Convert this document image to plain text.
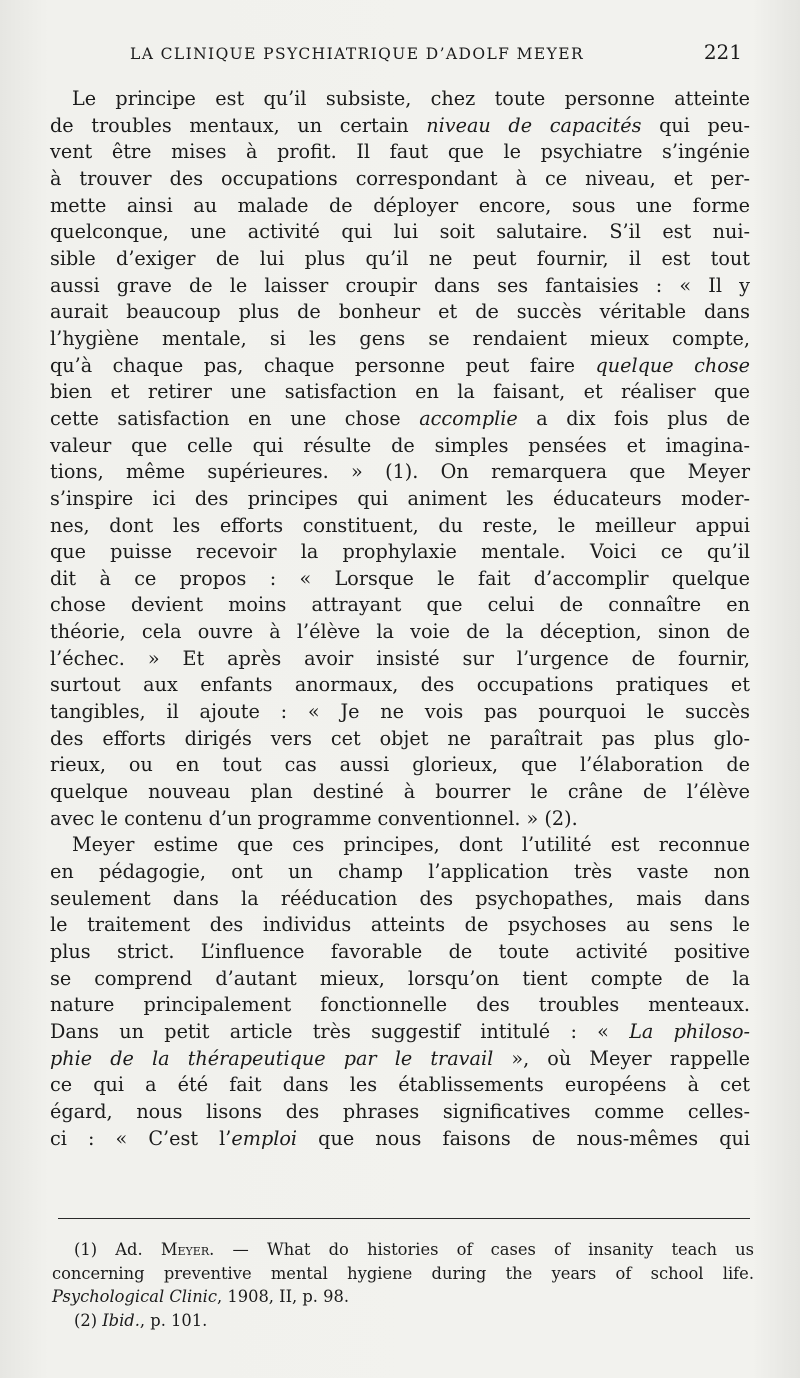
LA CLINIQUE PSYCHIATRIQUE D’ADOLF MEYER	221

Le principe est qu’il subsiste, chez toute personne atteinte
de troubles mentaux, un certain niveau de capacités qui peu-
vent être mises à profit. Il faut que le psychiatre s’ingénie
à trouver des occupations correspondant à ce niveau, et per-
mette ainsi au malade de déployer encore, sous une forme
quelconque, une activité qui lui soit salutaire. S’il est nui-
sible d’exiger de lui plus qu’il ne peut fournir, il est tout
aussi grave de le laisser croupir dans ses fantaisies : « Il y
aurait beaucoup plus de bonheur et de succès véritable dans
l’hygiène mentale, si les gens se rendaient mieux compte,
qu’à chaque pas, chaque personne peut faire quelque chose
bien et retirer une satisfaction en la faisant, et réaliser que
cette satisfaction en une chose accomplie a dix fois plus de
valeur que celle qui résulte de simples pensées et imagina-
tions, même supérieures. » (1). On remarquera que Meyer
s’inspire ici des principes qui animent les éducateurs moder-
nes, dont les efforts constituent, du reste, le meilleur appui
que puisse recevoir la prophylaxie mentale. Voici ce qu’il
dit à ce propos : « Lorsque le fait d’accomplir quelque
chose devient moins attrayant que celui de connaître en
théorie, cela ouvre à l’élève la voie de la déception, sinon de
l’échec. » Et après avoir insisté sur l’urgence de fournir,
surtout aux enfants anormaux, des occupations pratiques et
tangibles, il ajoute : « Je ne vois pas pourquoi le succès
des efforts dirigés vers cet objet ne paraîtrait pas plus glo-
rieux, ou en tout cas aussi glorieux, que l’élaboration de
quelque nouveau plan destiné à bourrer le crâne de l’élève
avec le contenu d’un programme conventionnel. » (2).

Meyer estime que ces principes, dont l’utilité est reconnue
en pédagogie, ont un champ l’application très vaste non
seulement dans la rééducation des psychopathes, mais dans
le traitement des individus atteints de psychoses au sens le
plus strict. L’influence favorable de toute activité positive
se comprend d’autant mieux, lorsqu’on tient compte de la
nature principalement fonctionnelle des troubles menteaux.
Dans un petit article très suggestif intitulé : « La philoso-
phie de la thérapeutique par le travail », où Meyer rappelle
ce qui a été fait dans les établissements européens à cet
égard, nous lisons des phrases significatives comme celles-
ci : « C’est l’emploi que nous faisons de nous-mêmes qui

(1) Ad. Meyer. — What do histories of cases of insanity teach us
concerning preventive mental hygiene during the years of school life.
Psychological Clinic, 1908, II, p. 98.
(2) Ibid., p. 101.
